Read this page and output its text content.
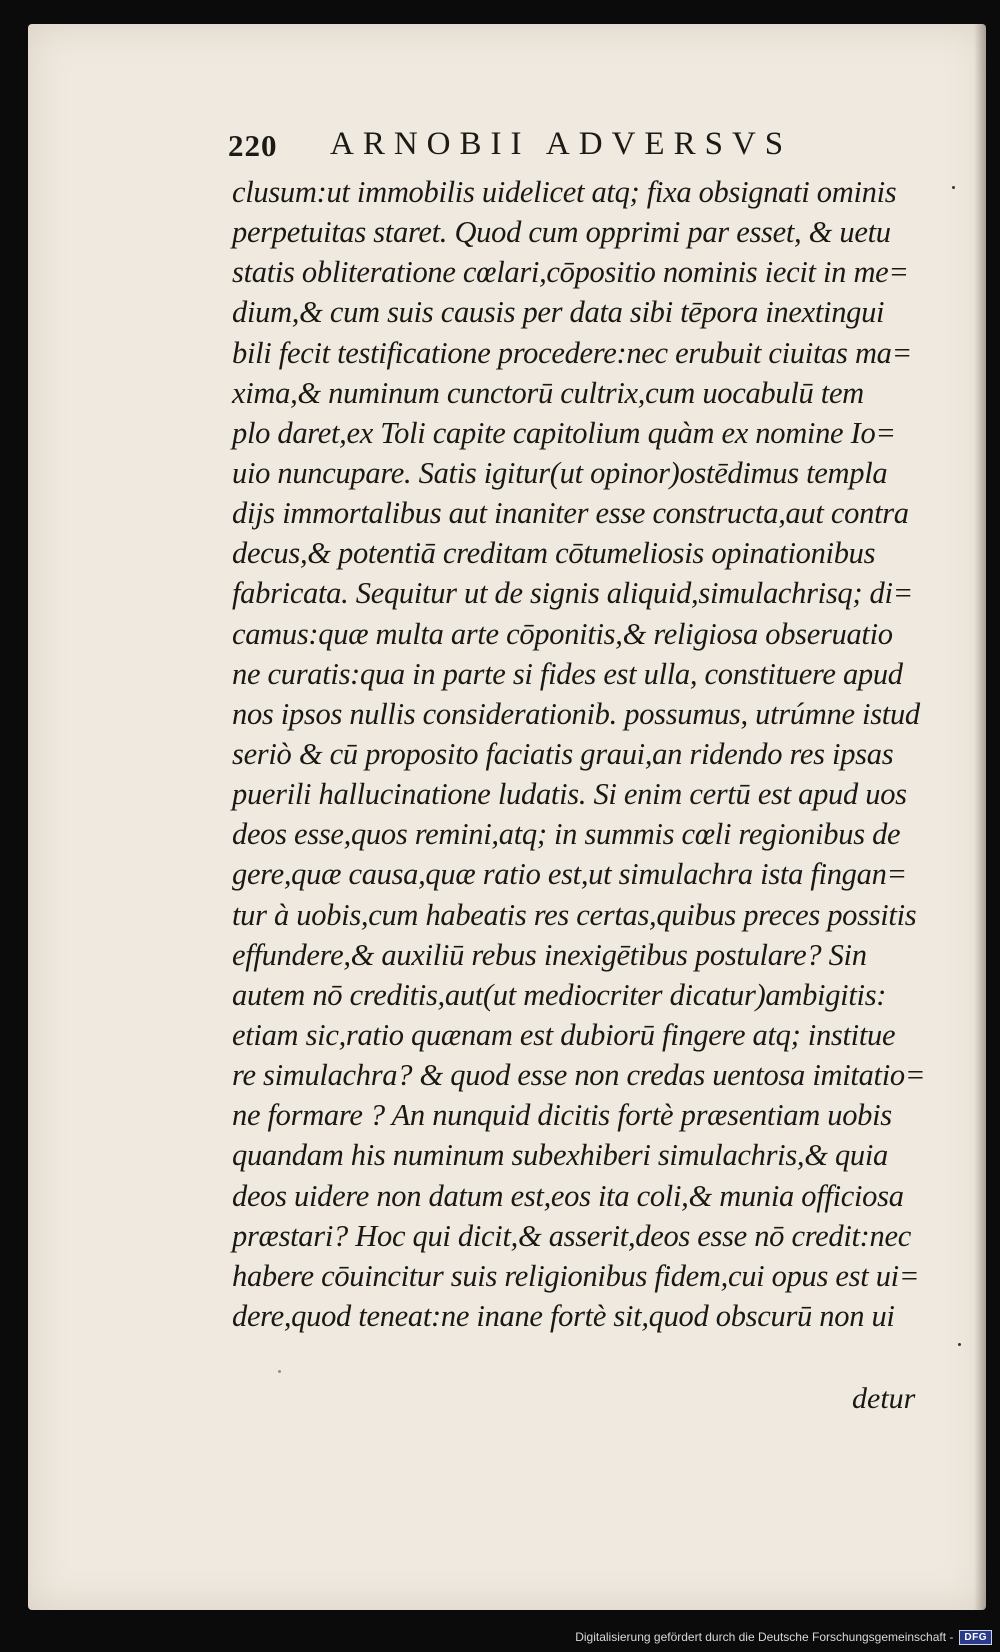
220 ARNOBII ADVERSVS
clusum:ut immobilis uidelicet atq; fixa obsignati ominis
perpetuitas staret. Quod cum opprimi par esset, & uetu
statis obliteratione cœlari,cōpositio nominis iecit in me=
dium,& cum suis causis per data sibi tēpora inextingui
bili fecit testificatione procedere:nec erubuit ciuitas ma=
xima,& numinum cunctorū cultrix,cum uocabulū tem
plo daret,ex Toli capite capitolium quàm ex nomine Io=
uio nuncupare. Satis igitur(ut opinor)ostēdimus templa
dijs immortalibus aut inaniter esse constructa,aut contra
decus,& potentiā creditam cōtumeliosis opinationibus
fabricata. Sequitur ut de signis aliquid,simulachrisq; di=
camus:quæ multa arte cōponitis,& religiosa obseruatio
ne curatis:qua in parte si fides est ulla, constituere apud
nos ipsos nullis considerationib. possumus, utrúmne istud
seriò & cū proposito faciatis graui,an ridendo res ipsas
puerili hallucinatione ludatis. Si enim certū est apud uos
deos esse,quos remini,atq; in summis cœli regionibus de
gere,quæ causa,quæ ratio est,ut simulachra ista fingan=
tur à uobis,cum habeatis res certas,quibus preces possitis
effundere,& auxiliū rebus inexigētibus postulare? Sin
autem nō creditis,aut(ut mediocriter dicatur)ambigitis:
etiam sic,ratio quænam est dubiorū fingere atq; institue
re simulachra? & quod esse non credas uentosa imitatio=
ne formare ? An nunquid dicitis fortè præsentiam uobis
quandam his numinum subexhiberi simulachris,& quia
deos uidere non datum est,eos ita coli,& munia officiosa
præstari? Hoc qui dicit,& asserit,deos esse nō credit:nec
habere cōuincitur suis religionibus fidem,cui opus est ui=
dere,quod teneat:ne inane fortè sit,quod obscurū non ui
detur
Digitalisierung gefördert durch die Deutsche Forschungsgemeinschaft -	DFG
